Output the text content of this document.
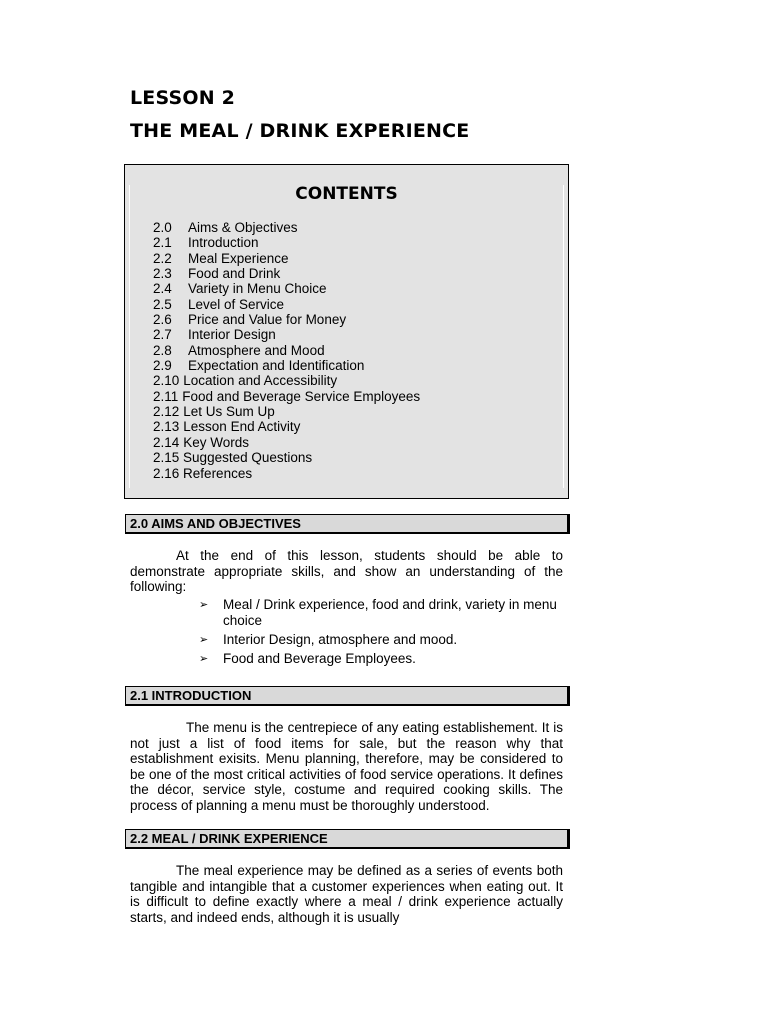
LESSON 2
THE MEAL / DRINK EXPERIENCE
CONTENTS
2.0 Aims & Objectives
2.1 Introduction
2.2 Meal Experience
2.3 Food and Drink
2.4 Variety in Menu Choice
2.5 Level of Service
2.6 Price and Value for Money
2.7 Interior Design
2.8 Atmosphere and Mood
2.9 Expectation and Identification
2.10 Location and Accessibility
2.11 Food and Beverage Service Employees
2.12 Let Us Sum Up
2.13 Lesson End Activity
2.14 Key Words
2.15 Suggested Questions
2.16 References
2.0 AIMS AND OBJECTIVES

At the end of this lesson, students should be able to demonstrate appropriate skills, and show an understanding of the following:

➢ Meal / Drink experience, food and drink, variety in menu choice
➢ Interior Design, atmosphere and mood.
➢ Food and Beverage Employees.
2.1 INTRODUCTION

The menu is the centrepiece of any eating establishement. It is not just a list of food items for sale, but the reason why that establishment exisits. Menu planning, therefore, may be considered to be one of the most critical activities of food service operations. It defines the décor, service style, costume and required cooking skills. The process of planning a menu must be thoroughly understood.

2.2 MEAL / DRINK EXPERIENCE

The meal experience may be defined as a series of events both tangible and intangible that a customer experiences when eating out. It is difficult to define exactly where a meal / drink experience actually starts, and indeed ends, although it is usually
